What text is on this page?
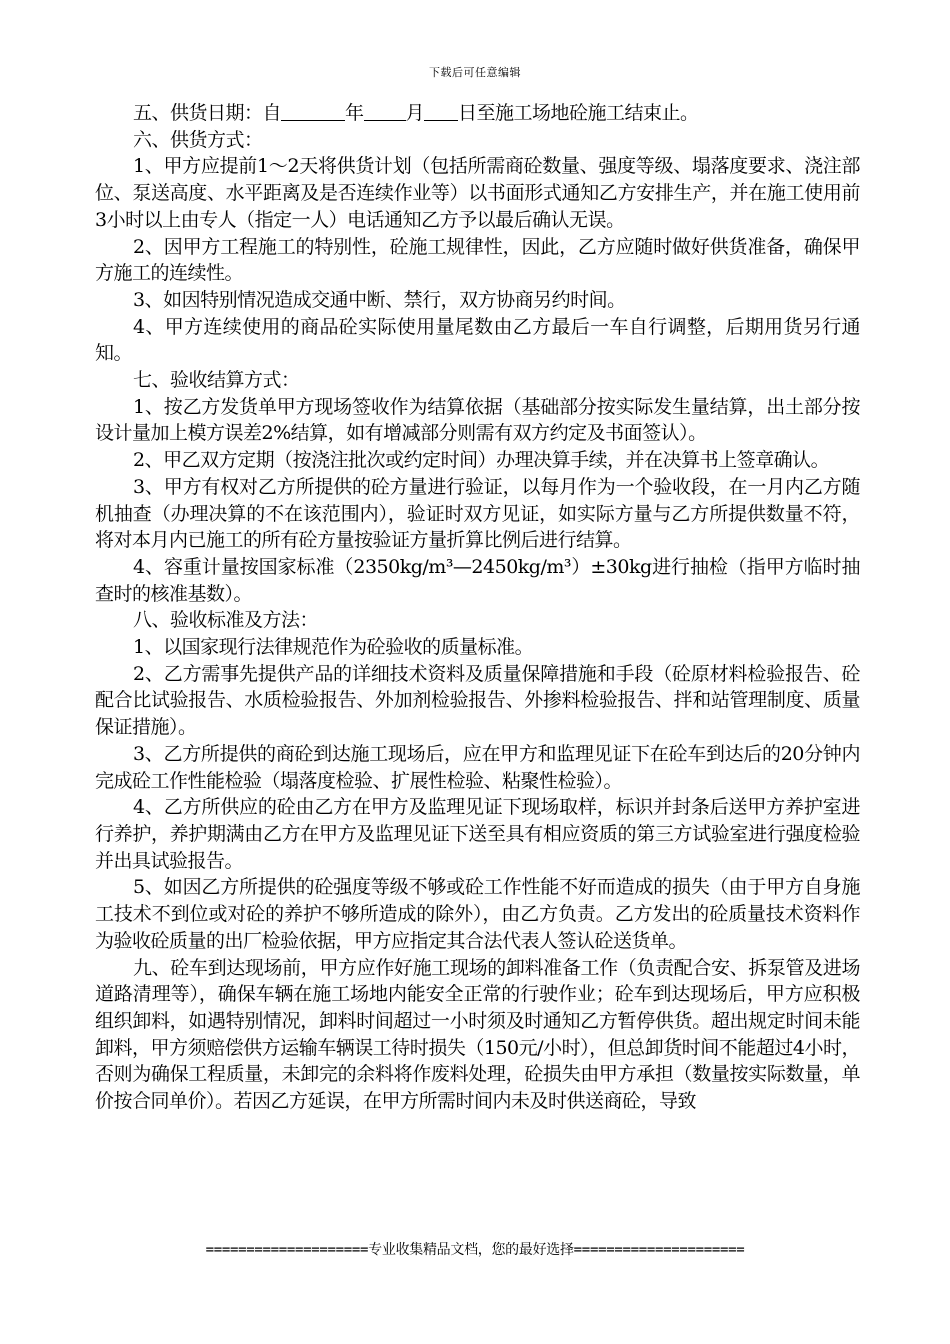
下载后可任意编辑

五、供货日期：自	年 月 日至施工场地砼施工结束止。

六、供货方式：

1、甲方应提前1～2天将供货计划（包括所需商砼数量、强度等级、塌落度要求、浇注部位、泵送高度、水平距离及是否连续作业等）以书面形式通知乙方安排生产，并在施工使用前3小时以上由专人（指定一人）电话通知乙方予以最后确认无误。

2、因甲方工程施工的特别性，砼施工规律性，因此，乙方应随时做好供货准备，确保甲方施工的连续性。

3、如因特别情况造成交通中断、禁行，双方协商另约时间。

4、甲方连续使用的商品砼实际使用量尾数由乙方最后一车自行调整，后期用货另行通知。

七、验收结算方式：

1、按乙方发货单甲方现场签收作为结算依据（基础部分按实际发生量结算，出土部分按设计量加上模方误差2%结算，如有增减部分则需有双方约定及书面签认）。

2、甲乙双方定期（按浇注批次或约定时间）办理决算手续，并在决算书上签章确认。

3、甲方有权对乙方所提供的砼方量进行验证，以每月作为一个验收段，在一月内乙方随机抽查（办理决算的不在该范围内），验证时双方见证，如实际方量与乙方所提供数量不符，将对本月内已施工的所有砼方量按验证方量折算比例后进行结算。

4、容重计量按国家标准（2350kg/m³—2450kg/m³）±30kg进行抽检（指甲方临时抽查时的核准基数）。

八、验收标准及方法：

1、以国家现行法律规范作为砼验收的质量标准。

2、乙方需事先提供产品的详细技术资料及质量保障措施和手段（砼原材料检验报告、砼配合比试验报告、水质检验报告、外加剂检验报告、外掺料检验报告、拌和站管理制度、质量保证措施）。

3、乙方所提供的商砼到达施工现场后，应在甲方和监理见证下在砼车到达后的20分钟内完成砼工作性能检验（塌落度检验、扩展性检验、粘聚性检验）。

4、乙方所供应的砼由乙方在甲方及监理见证下现场取样，标识并封条后送甲方养护室进行养护，养护期满由乙方在甲方及监理见证下送至具有相应资质的第三方试验室进行强度检验并出具试验报告。

5、如因乙方所提供的砼强度等级不够或砼工作性能不好而造成的损失（由于甲方自身施工技术不到位或对砼的养护不够所造成的除外），由乙方负责。乙方发出的砼质量技术资料作为验收砼质量的出厂检验依据，甲方应指定其合法代表人签认砼送货单。

九、砼车到达现场前，甲方应作好施工现场的卸料准备工作（负责配合安、拆泵管及进场道路清理等），确保车辆在施工场地内能安全正常的行驶作业；砼车到达现场后，甲方应积极组织卸料，如遇特别情况，卸料时间超过一小时须及时通知乙方暂停供货。超出规定时间未能卸料，甲方须赔偿供方运输车辆误工待时损失（150元/小时），但总卸货时间不能超过4小时，否则为确保工程质量，未卸完的余料将作废料处理，砼损失由甲方承担（数量按实际数量，单价按合同单价）。若因乙方延误，在甲方所需时间内未及时供送商砼，导致

====================专业收集精品文档，您的最好选择=====================
